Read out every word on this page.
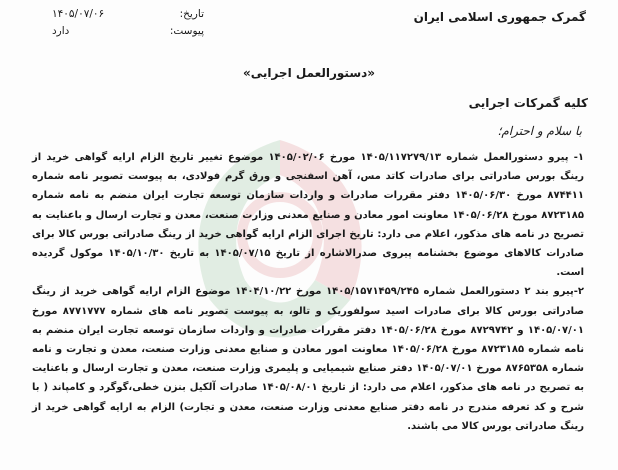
گمرک جمهوری اسلامی ایران
تاریخ:
۱۴۰۵/۰۷/۰۶
پیوست:
دارد
«دستورالعمل اجرایی»
کلیه گمرکات اجرایی
با سلام و احترام؛

۱- پیرو دستورالعمل شماره ۱۴۰۵/۱۱۷۲۷۹/۱۳ مورخ ۱۴۰۵/۰۲/۰۶ موضوع تغییر تاریخ الزام ارایه گواهی خرید از رینگ بورس صادراتی برای صادرات کاتد مس، آهن اسفنجی و ورق گرم فولادی، به پیوست تصویر نامه شماره ۸۷۴۴۱۱ مورخ ۱۴۰۵/۰۶/۳۰ دفتر مقررات صادرات و واردات سازمان توسعه تجارت ایران منضم به نامه شماره ۸۷۲۳۱۸۵ مورخ ۱۴۰۵/۰۶/۲۸ معاونت امور معادن و صنایع معدنی وزارت صنعت، معدن و تجارت ارسال و باعنایت به تصریح در نامه های مذکور، اعلام می دارد: تاریخ اجرای الزام ارایه گواهی خرید از رینگ صادراتی بورس کالا برای صادرات کالاهای موضوع بخشنامه پیروی صدرالاشاره از تاریخ ۱۴۰۵/۰۷/۱۵ به تاریخ ۱۴۰۵/۱۰/۳۰ موکول گردیده است.

۲-پیرو بند ۲ دستورالعمل شماره ۱۴۰۵/۱۵۷۱۴۵۹/۲۴۵ مورخ ۱۴۰۴/۱۰/۲۲ موضوع الزام ارایه گواهی خرید از رینگ صادراتی بورس کالا برای صادرات اسید سولفوریک و تالو، به پیوست تصویر نامه های شماره ۸۷۷۱۷۷۷ مورخ ۱۴۰۵/۰۷/۰۱ و ۸۷۲۹۷۴۲ مورخ ۱۴۰۵/۰۶/۲۸ دفتر مقررات صادرات و واردات سازمان توسعه تجارت ایران منضم به نامه شماره ۸۷۲۳۱۸۵ مورخ ۱۴۰۵/۰۶/۲۸ معاونت امور معادن و صنایع معدنی وزارت صنعت، معدن و تجارت و نامه شماره ۸۷۶۵۳۵۸ مورخ ۱۴۰۵/۰۷/۰۱ دفتر صنایع شیمیایی و پلیمری وزارت صنعت، معدن و تجارت ارسال و باعنایت به تصریح در نامه های مذکور، اعلام می دارد: از تاریخ ۱۴۰۵/۰۸/۰۱ صادرات آلکیل بنزن خطی،گوگرد و کامپاند ( با شرح و کد تعرفه مندرج در نامه دفتر صنایع معدنی وزارت صنعت، معدن و تجارت) الزام به ارایه گواهی خرید از رینگ صادراتی بورس کالا می باشند.
